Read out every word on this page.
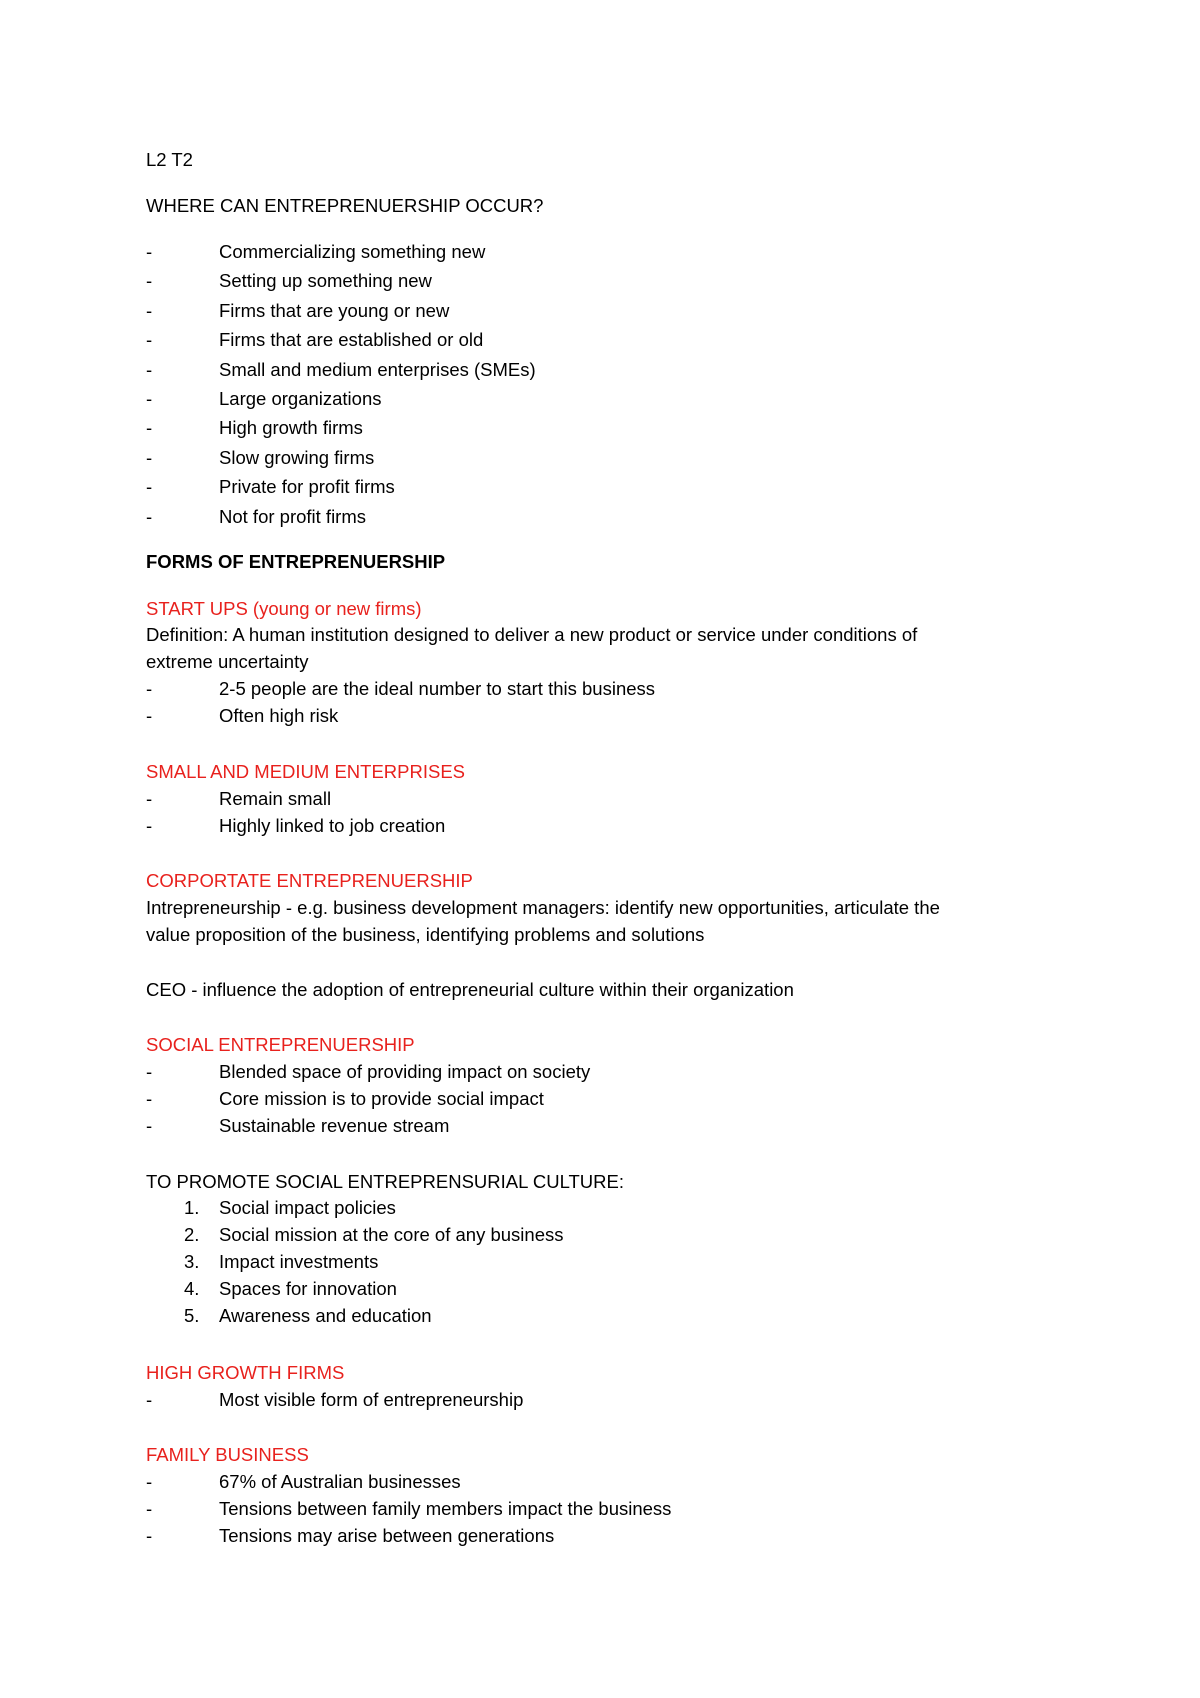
L2 T2
WHERE CAN ENTREPRENUERSHIP OCCUR?
-	Commercializing something new
-	Setting up something new
-	Firms that are young or new
-	Firms that are established or old
-	Small and medium enterprises (SMEs)
-	Large organizations
-	High growth firms
-	Slow growing firms
-	Private for profit firms
-	Not for profit firms
FORMS OF ENTREPRENUERSHIP
START UPS (young or new firms)
Definition: A human institution designed to deliver a new product or service under conditions of
extreme uncertainty
-	2-5 people are the ideal number to start this business
-	Often high risk
SMALL AND MEDIUM ENTERPRISES
-	Remain small
-	Highly linked to job creation
CORPORTATE ENTREPRENUERSHIP
Intrepreneurship - e.g. business development managers: identify new opportunities, articulate the
value proposition of the business, identifying problems and solutions
CEO - influence the adoption of entrepreneurial culture within their organization
SOCIAL ENTREPRENUERSHIP
-	Blended space of providing impact on society
-	Core mission is to provide social impact
-	Sustainable revenue stream
TO PROMOTE SOCIAL ENTREPRENSURIAL CULTURE:
1. Social impact policies
2. Social mission at the core of any business
3. Impact investments
4. Spaces for innovation
5. Awareness and education
HIGH GROWTH FIRMS
-	Most visible form of entrepreneurship
FAMILY BUSINESS
-	67% of Australian businesses
-	Tensions between family members impact the business
-	Tensions may arise between generations
